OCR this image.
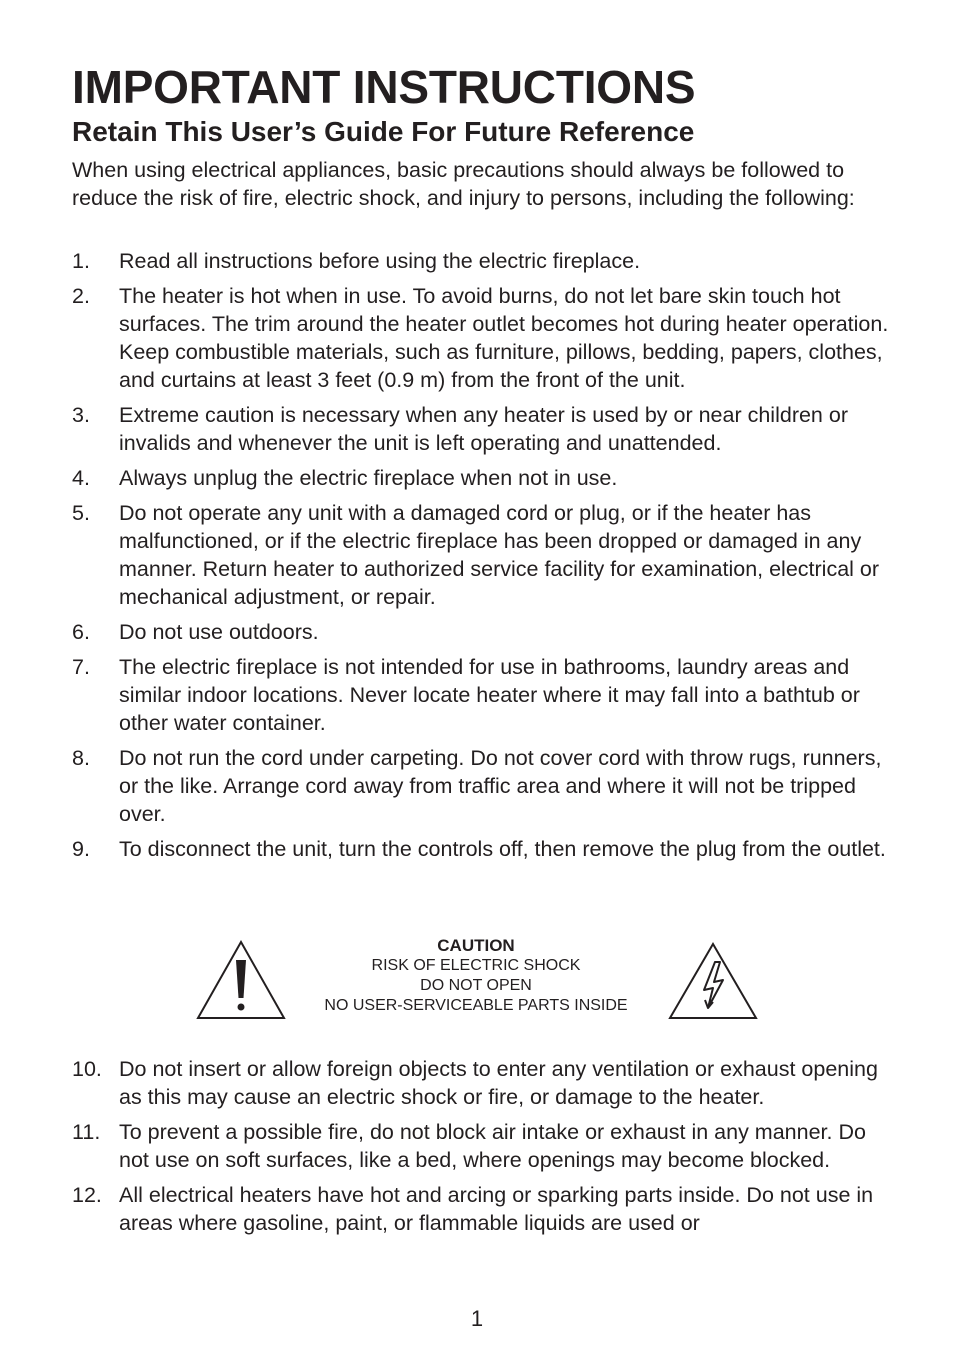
IMPORTANT INSTRUCTIONS
Retain This User’s Guide For Future Reference
When using electrical appliances, basic precautions should always be followed to reduce the risk of fire, electric shock, and injury to persons, including the following:
1. Read all instructions before using the electric fireplace.
2. The heater is hot when in use. To avoid burns, do not let bare skin touch hot surfaces. The trim around the heater outlet becomes hot during heater operation. Keep combustible materials, such as furniture, pillows, bedding, papers, clothes, and curtains at least 3 feet (0.9 m) from the front of the unit.
3. Extreme caution is necessary when any heater is used by or near children or invalids and whenever the unit is left operating and unattended.
4. Always unplug the electric fireplace when not in use.
5. Do not operate any unit with a damaged cord or plug, or if the heater has malfunctioned, or if the electric fireplace has been dropped or damaged in any manner. Return heater to authorized service facility for examination, electrical or mechanical adjustment, or repair.
6. Do not use outdoors.
7. The electric fireplace is not intended for use in bathrooms, laundry areas and similar indoor locations. Never locate heater where it may fall into a bathtub or other water container.
8. Do not run the cord under carpeting. Do not cover cord with throw rugs, runners, or the like. Arrange cord away from traffic area and where it will not be tripped over.
9. To disconnect the unit, turn the controls off, then remove the plug from the outlet.
CAUTION
RISK OF ELECTRIC SHOCK
DO NOT OPEN
NO USER-SERVICEABLE PARTS INSIDE
10. Do not insert or allow foreign objects to enter any ventilation or exhaust opening as this may cause an electric shock or fire, or damage to the heater.
11. To prevent a possible fire, do not block air intake or exhaust in any manner. Do not use on soft surfaces, like a bed, where openings may become blocked.
12. All electrical heaters have hot and arcing or sparking parts inside. Do not use in areas where gasoline, paint, or flammable liquids are used or
1
